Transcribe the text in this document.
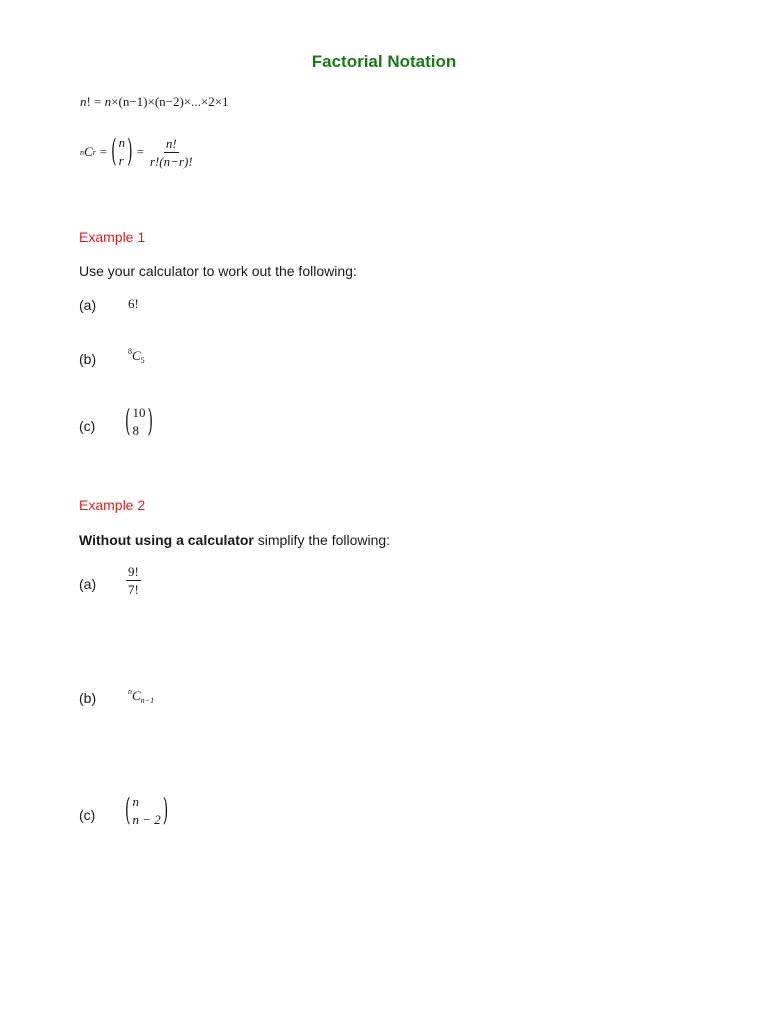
Factorial Notation
n! = n×(n−1)×(n−2)×...×2×1
n C r = ( n
r ) = $\frac{n!}{r!(n-r)!}$
Example 1
Use your calculator to work out the following:
(a) 6!
(b)	$^8C_5$
(c) ( 10
8 )
Example 2
Without using a calculator simplify the following:
$(a) \frac{9!}{7!}$
(b)	$^nC_{n-1}$
(c) ( n
n − 2 )
